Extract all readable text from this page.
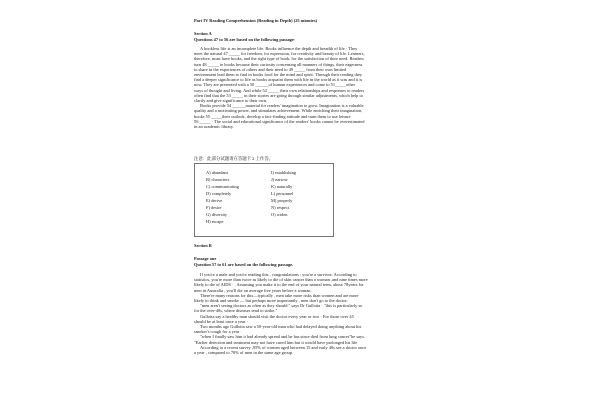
Part IV Reading Comprehension (Reading in Depth) (25 minutes)

Section A

Questions 47 to 56 are based on the following passage·

A bookless life is an incomplete life. Books influence the depth and breadth of life · They
meet the natural 47 _____ for freedom, for expression, for creativity and beauty of life. Learners,
therefore, must have books, and the right type of book, for the satisfaction of their need. Readers
turn 48 _____ to books because their curiosity concerning all manners of things, their eagerness
to share in the experiences of others and their need to 49 _____ from their own limited
environment lead them to find in books food for the mind and spirit. Through their reading they
find a deeper significance to life as books acquaint them with life in the world as it was and it is
now. They are presented with a 50 ______of human experiences and come to 51_____other
ways of thought and living. And while 52 _____ their own relationships and responses to readers
often find that the 53 _____ in their stories are going through similar adjustments, which help to
clarify and give significance to their own.
Books provide 54 ______material for readers' imagination to grow. Imagination is a valuable
quality and a motivating power, and stimulates achievement. While enriching their imagination,
books 55 _____their outlook, develop a fact-finding attitude and train them to use leisure
56 _____ · The social and educational significance of the readers' books cannot be overestimated
in an academic library.

注意：此部分试题请在答题卡 2 上作答。

A) abundant
B) characters
C) communicating
D) completely
E) derive
F) desire
G) diversity
H) escape
I) establishing
J) narrow
K) naturally
L) personnel
M) properly
N) respect
O) widen

Section B

Passage one

Question 57 to 61 are based on the following passage.

If you're a male and you're reading this , congratulations : you're a survivor. According to
statistics, you're more than twice as likely to die of skin cancer than a woman ,and nine times more
likely to die of AIDS · . Assuming you make it to the end of your natural term, about 78years for
men in Australia , you'll die on average five years before a woman.
There're many reasons for this—typically , men take more risks than women and are more
likely to drink and smoke — but perhaps more importantly , men don't go to the doctor.
"men aren't seeing doctors as often as they should " says Dr Gullotta · "this is particularly so
for the over-40s, where diseases tend to strike."
Gullotta say a healthy man should visit the doctor every year or two · For those over 45
should be at least once a year ·
Two months ago Gullotta saw a 50-year-old man who had delayed doing anything about his
smoker's cough for a year ·
"when I finally saw him it had already spread and he has since died from lung cancer"he says.
"Earlier detection and treatment may not have cured him but it would have prolonged his life
According to a recent survey ,95% of women aged between 15 and early 40s see a doctor once
a year , compared to 70% of men in the same age group.
